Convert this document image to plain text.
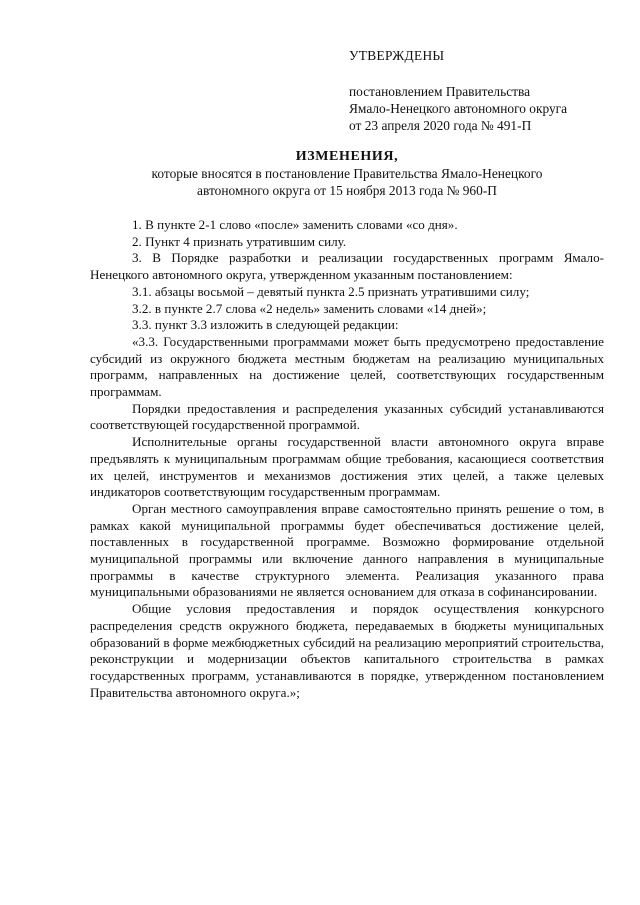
УТВЕРЖДЕНЫ
постановлением Правительства
Ямало-Ненецкого автономного округа
от 23 апреля 2020 года № 491-П
ИЗМЕНЕНИЯ,
которые вносятся в постановление Правительства Ямало-Ненецкого
автономного округа от 15 ноября 2013 года № 960-П

1. В пункте 2-1 слово «после» заменить словами «со дня».

2. Пункт 4 признать утратившим силу.

3. В Порядке разработки и реализации государственных программ Ямало-Ненецкого автономного округа, утвержденном указанным постановлением:

3.1. абзацы восьмой – девятый пункта 2.5 признать утратившими силу;

3.2. в пункте 2.7 слова «2 недель» заменить словами «14 дней»;

3.3. пункт 3.3 изложить в следующей редакции:

«3.3. Государственными программами может быть предусмотрено предоставление субсидий из окружного бюджета местным бюджетам на реализацию муниципальных программ, направленных на достижение целей, соответствующих государственным программам.

Порядки предоставления и распределения указанных субсидий устанавливаются соответствующей государственной программой.

Исполнительные органы государственной власти автономного округа вправе предъявлять к муниципальным программам общие требования, касающиеся соответствия их целей, инструментов и механизмов достижения этих целей, а также целевых индикаторов соответствующим государственным программам.

Орган местного самоуправления вправе самостоятельно принять решение о том, в рамках какой муниципальной программы будет обеспечиваться достижение целей, поставленных в государственной программе. Возможно формирование отдельной муниципальной программы или включение данного направления в муниципальные программы в качестве структурного элемента. Реализация указанного права муниципальными образованиями не является основанием для отказа в софинансировании.

Общие условия предоставления и порядок осуществления конкурсного распределения средств окружного бюджета, передаваемых в бюджеты муниципальных образований в форме межбюджетных субсидий на реализацию мероприятий строительства, реконструкции и модернизации объектов капитального строительства в рамках государственных программ, устанавливаются в порядке, утвержденном постановлением Правительства автономного округа.»;
